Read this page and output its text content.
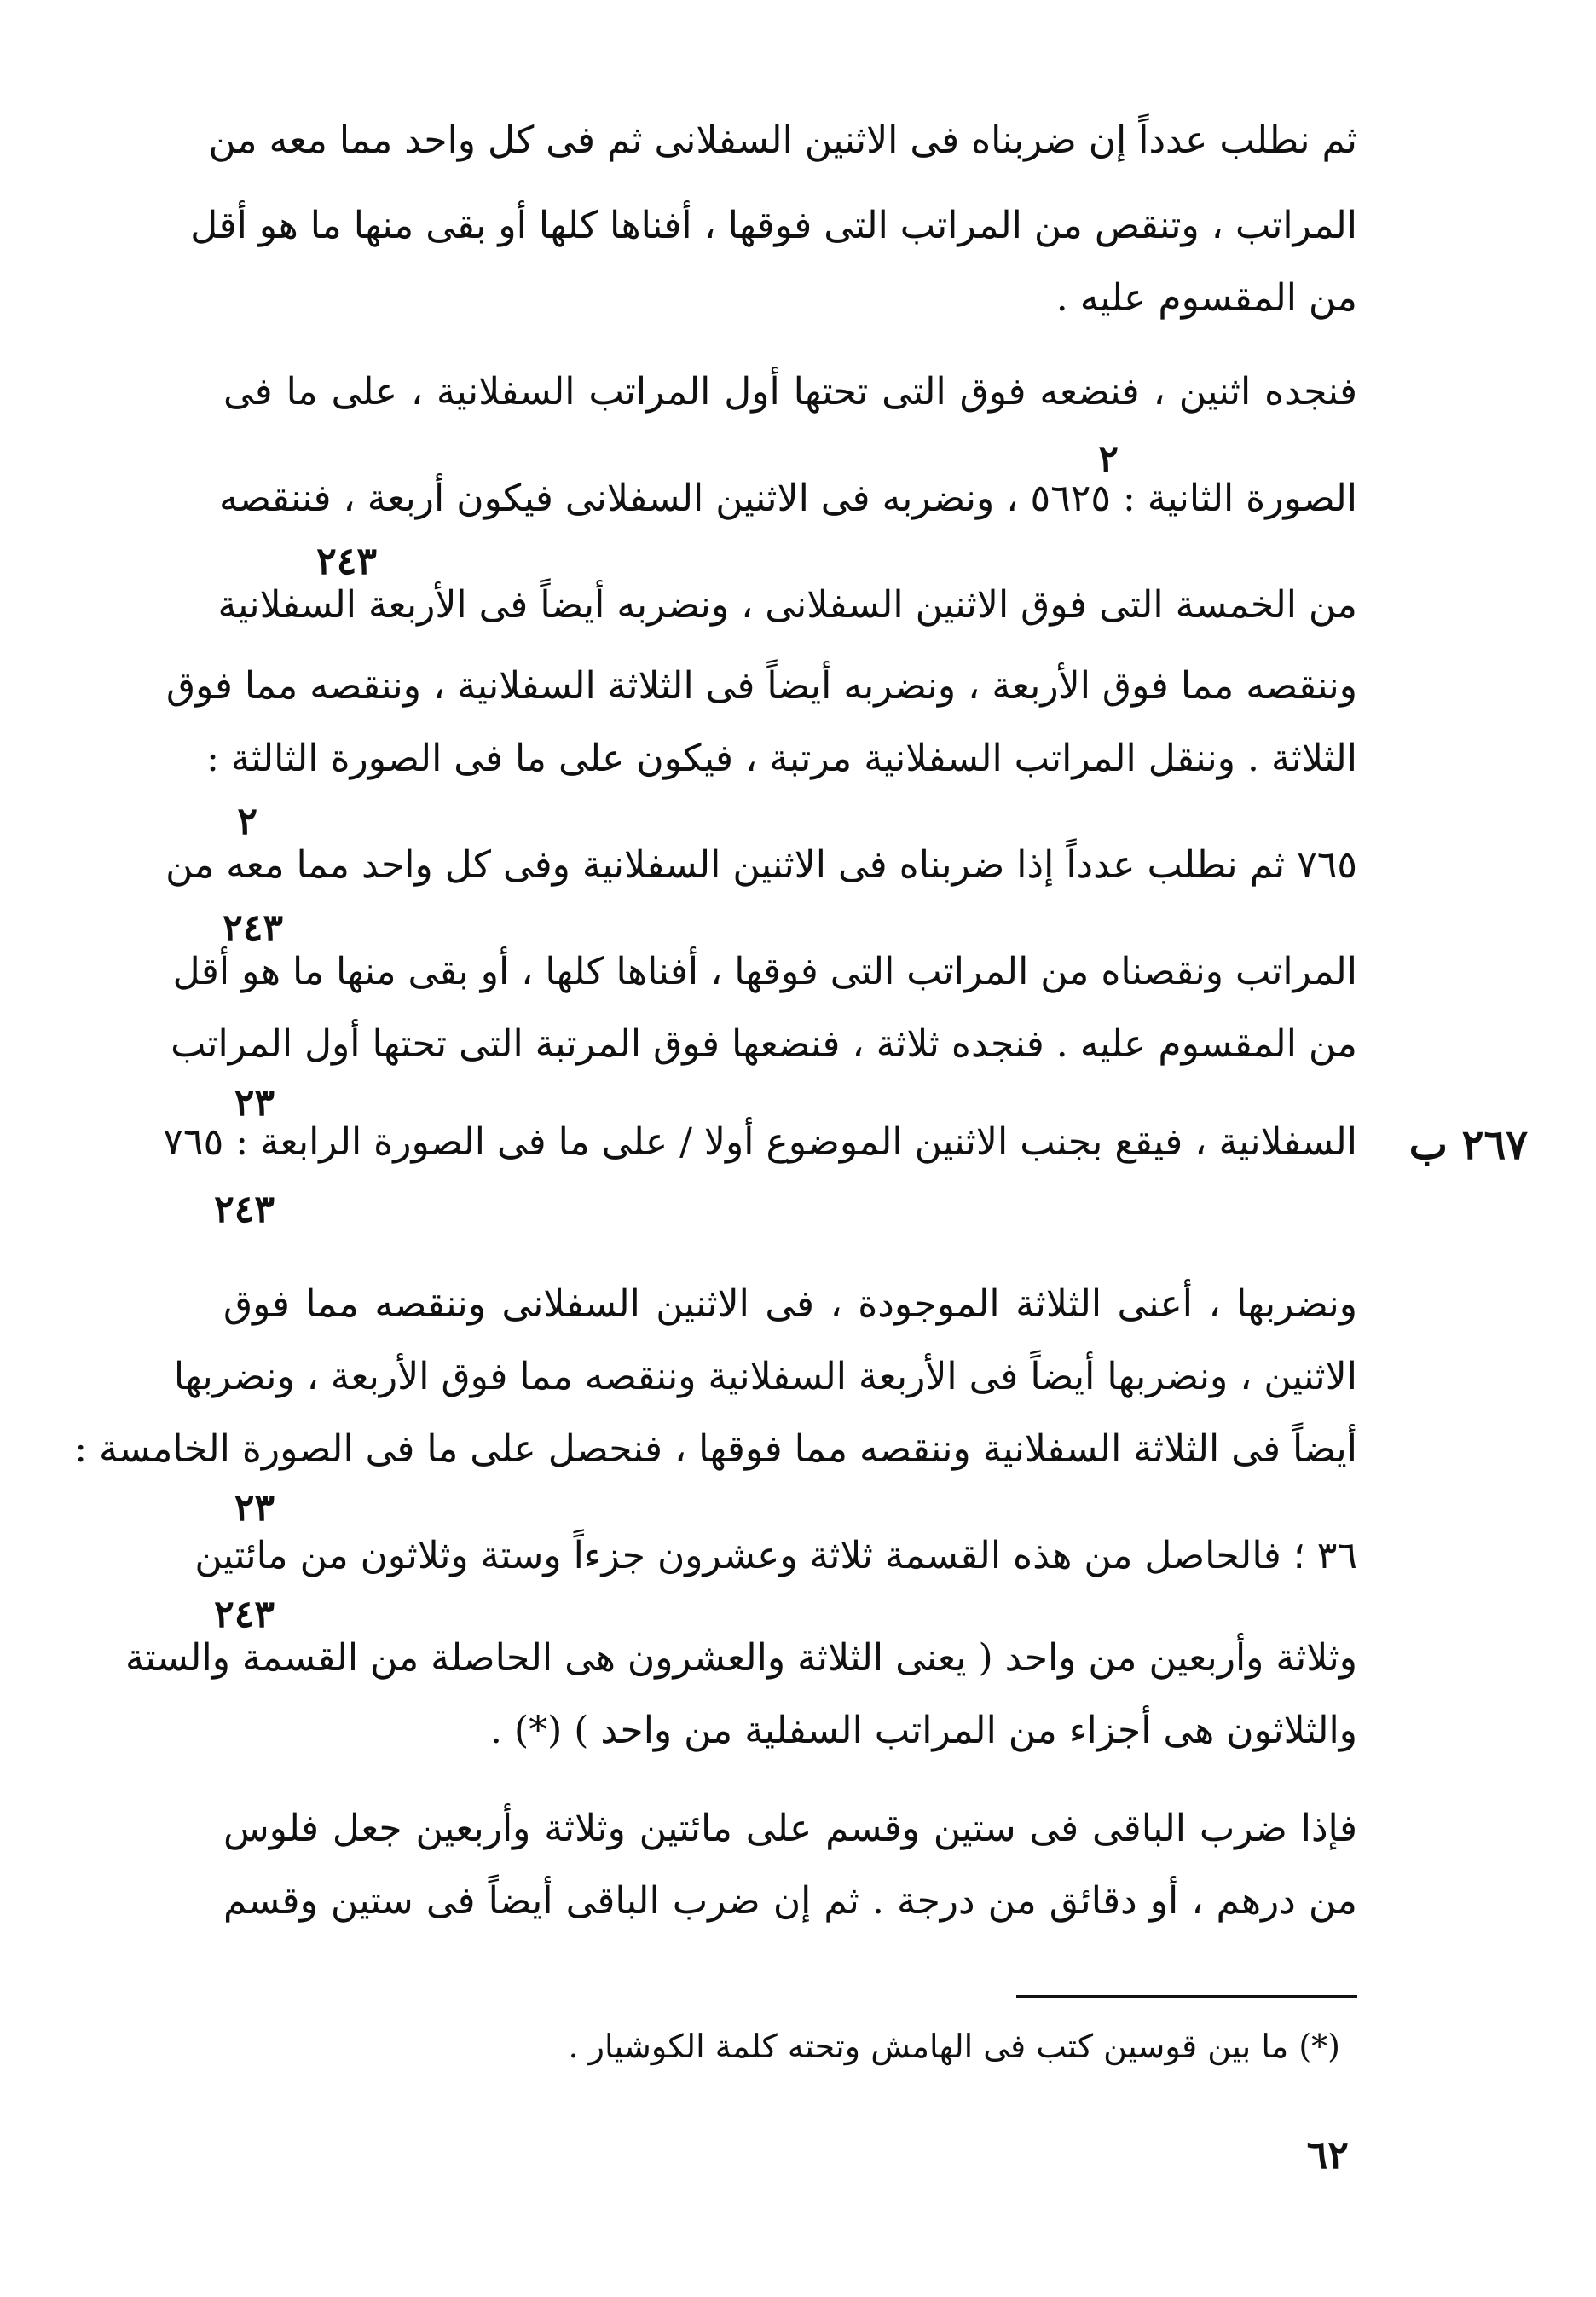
ثم نطلب عدداً إن ضربناه فى الاثنين السفلانى ثم فى كل واحد مما معه من
المراتب ، وتنقص من المراتب التى فوقها ، أفناها كلها أو بقى منها ما هو أقل
من المقسوم عليه .
فنجده اثنين ، فنضعه فوق التى تحتها أول المراتب السفلانية ، على ما فى
٢
الصورة الثانية : ٥٦٢٥ ، ونضربه فى الاثنين السفلانى فيكون أربعة ، فننقصه
٢٤٣
من الخمسة التى فوق الاثنين السفلانى ، ونضربه أيضاً فى الأربعة السفلانية
وننقصه مما فوق الأربعة ، ونضربه أيضاً فى الثلاثة السفلانية ، وننقصه مما فوق
الثلاثة . وننقل المراتب السفلانية مرتبة ، فيكون على ما فى الصورة الثالثة :
٢
٧٦٥ ثم نطلب عدداً إذا ضربناه فى الاثنين السفلانية وفى كل واحد مما معه من
٢٤٣
المراتب ونقصناه من المراتب التى فوقها ، أفناها كلها ، أو بقى منها ما هو أقل
من المقسوم عليه . فنجده ثلاثة ، فنضعها فوق المرتبة التى تحتها أول المراتب
٢٣
السفلانية ، فيقع بجنب الاثنين الموضوع أولا / على ما فى الصورة الرابعة : ٧٦٥ ٢٦٧ ب
٢٤٣
ونضربها ، أعنى الثلاثة الموجودة ، فى الاثنين السفلانى وننقصه مما فوق
الاثنين ، ونضربها أيضاً فى الأربعة السفلانية وننقصه مما فوق الأربعة ، ونضربها
أيضاً فى الثلاثة السفلانية وننقصه مما فوقها ، فنحصل على ما فى الصورة الخامسة :
٢٣
٣٦ ؛ فالحاصل من هذه القسمة ثلاثة وعشرون جزءاً وستة وثلاثون من مائتين
٢٤٣
وثلاثة وأربعين من واحد ( يعنى الثلاثة والعشرون هى الحاصلة من القسمة والستة
والثلاثون هى أجزاء من المراتب السفلية من واحد ) (*) .
فإذا ضرب الباقى فى ستين وقسم على مائتين وثلاثة وأربعين جعل فلوس
من درهم ، أو دقائق من درجة . ثم إن ضرب الباقى أيضاً فى ستين وقسم
(*) ما بين قوسين كتب فى الهامش وتحته كلمة الكوشيار .
٦٢
